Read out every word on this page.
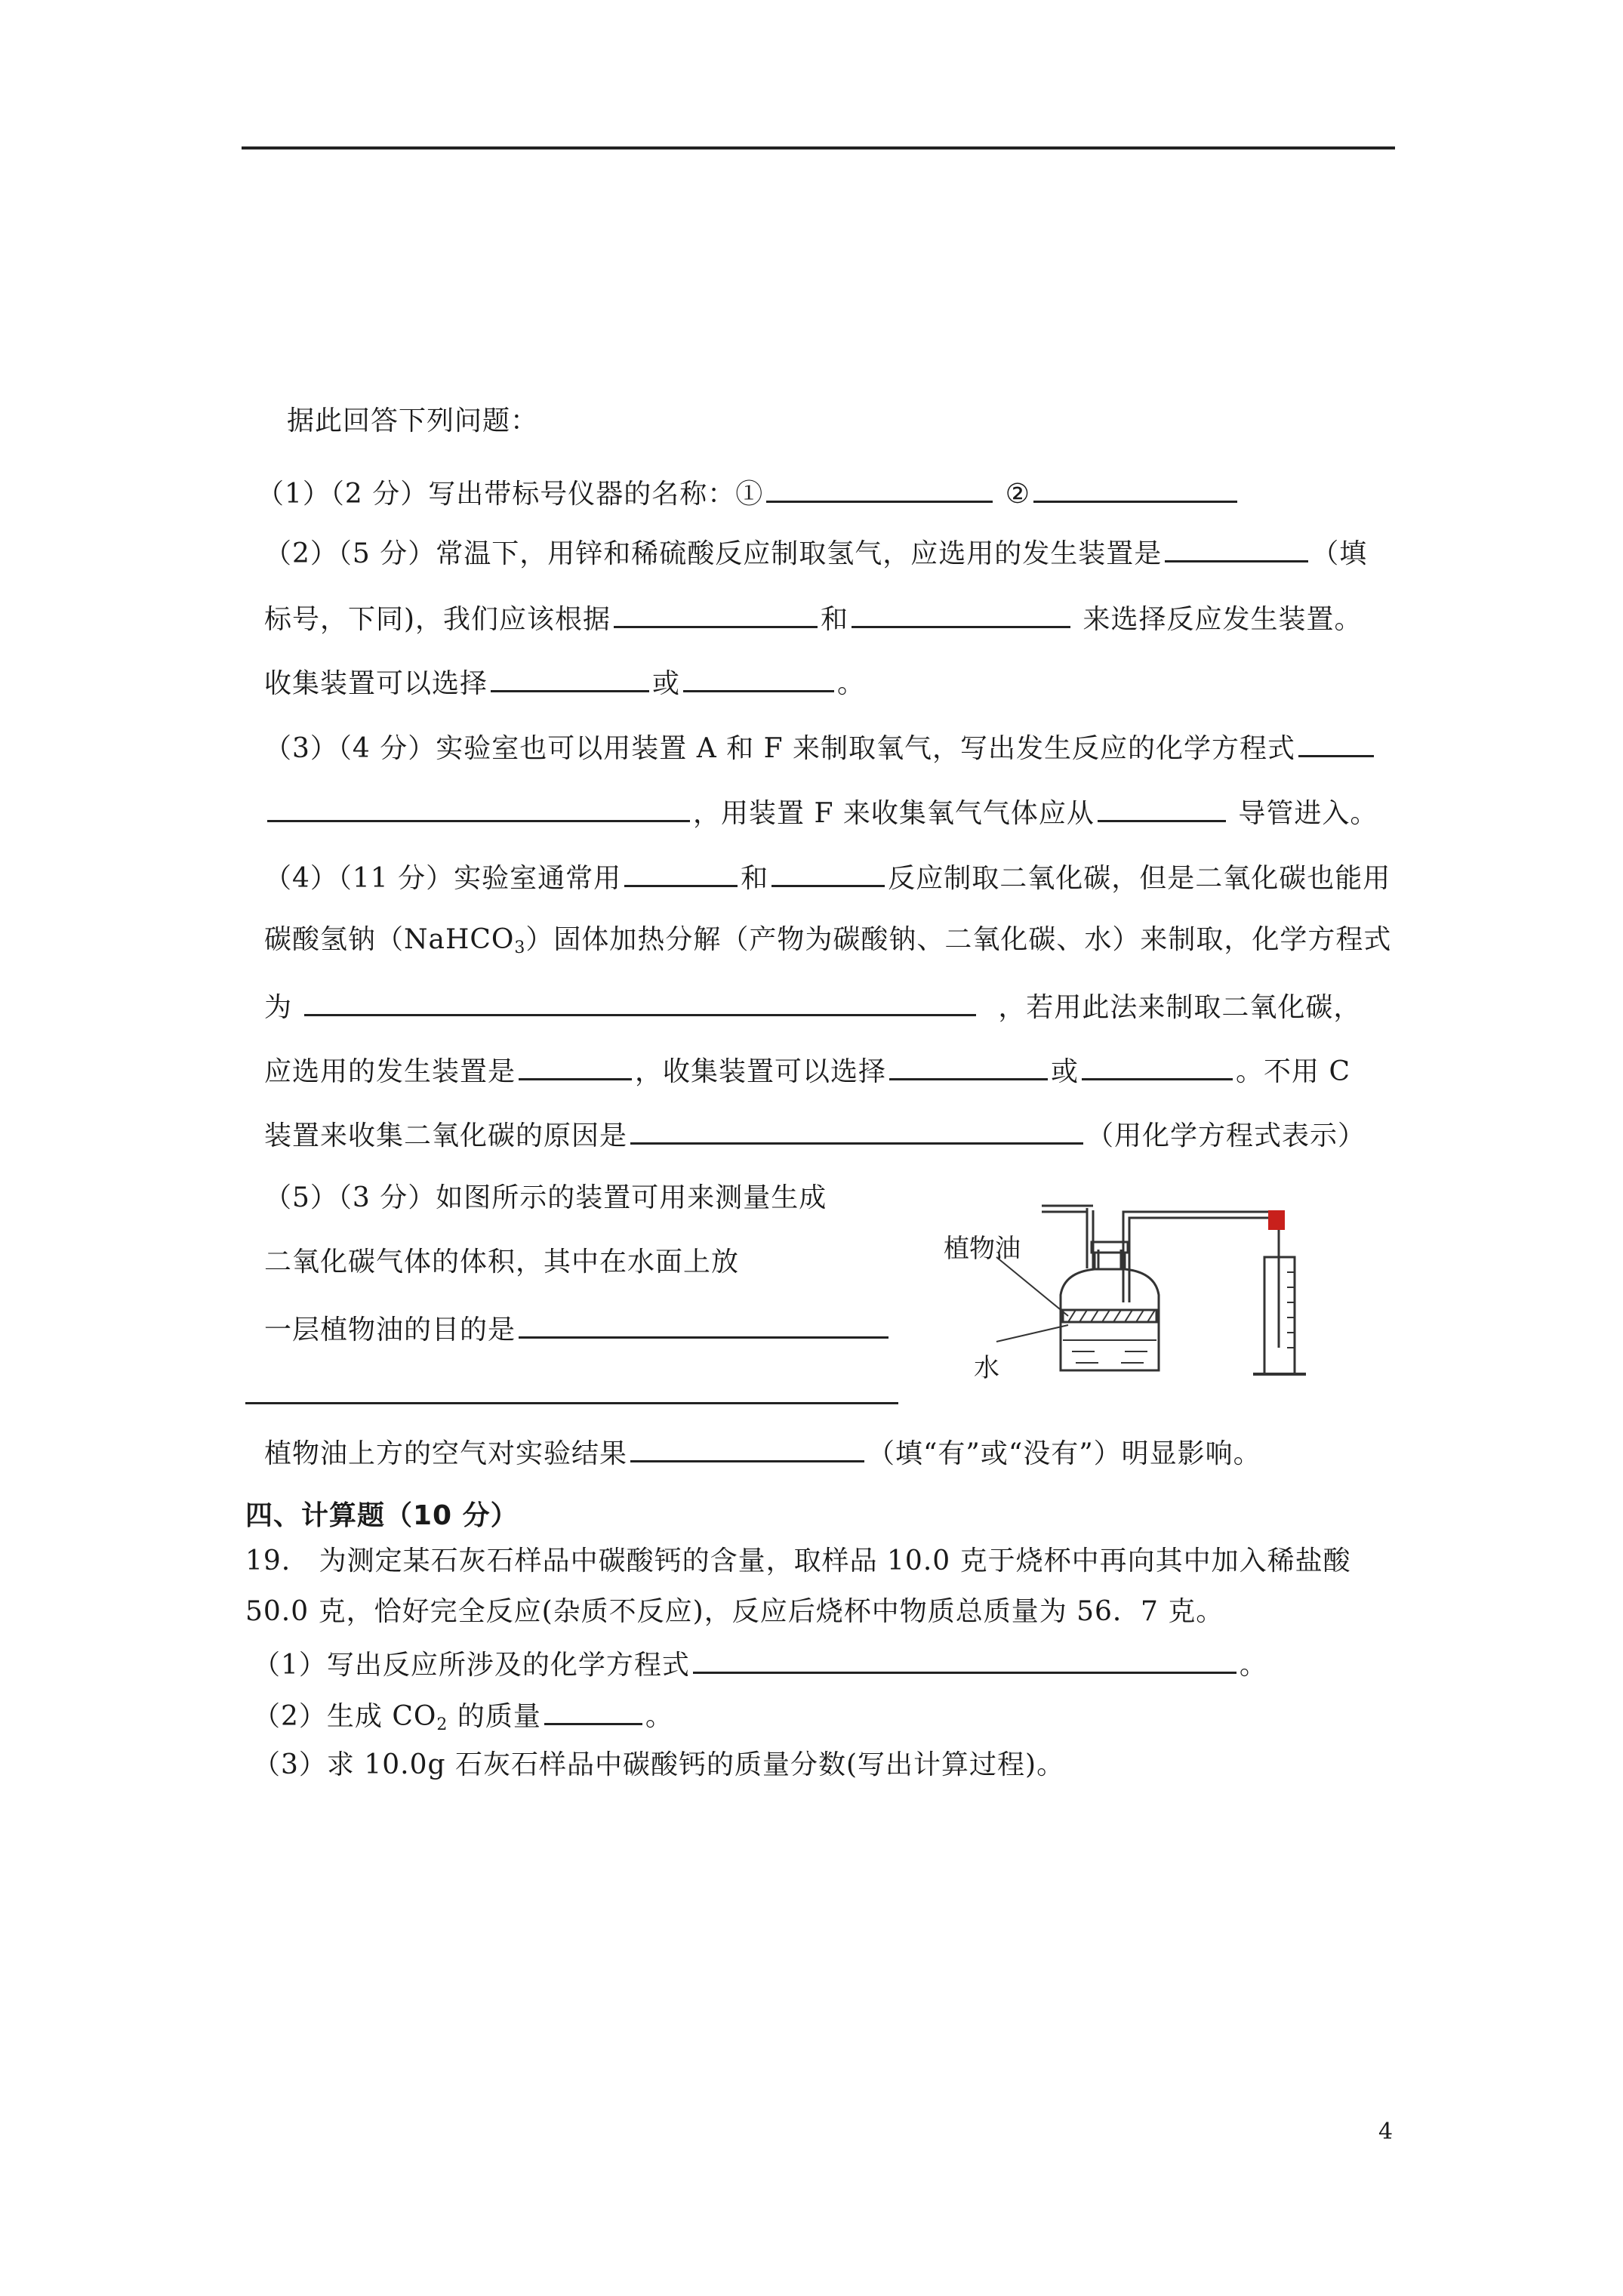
据此回答下列问题：
（1）（2 分）写出带标号仪器的名称：①	②
（2）（5 分）常温下，用锌和稀硫酸反应制取氢气，应选用的发生装置是	（填
标号，下同)，我们应该根据	和	来选择反应发生装置。
收集装置可以选择	或	。
（3）（4 分）实验室也可以用装置 A 和 F 来制取氧气，写出发生反应的化学方程式
，用装置 F 来收集氧气气体应从	导管进入。
（4）（11 分）实验室通常用	和	反应制取二氧化碳，但是二氧化碳也能用
碳酸氢钠（NaHCO$_3$）固体加热分解（产物为碳酸钠、二氧化碳、水）来制取，化学方程式
为	，若用此法来制取二氧化碳，
应选用的发生装置是	，收集装置可以选择	或	。不用 C
装置来收集二氧化碳的原因是	（用化学方程式表示）
（5）（3 分）如图所示的装置可用来测量生成
二氧化碳气体的体积，其中在水面上放
一层植物油的目的是
植物油
水
植物油上方的空气对实验结果	（填“有”或“没有”）明显影响。
四、计算题（10 分）
19.   为测定某石灰石样品中碳酸钙的含量，取样品 10.0 克于烧杯中再向其中加入稀盐酸
50.0 克，恰好完全反应(杂质不反应)，反应后烧杯中物质总质量为 56．7 克。
（1）写出反应所涉及的化学方程式	。
（2）生成 $CO_2$ 的质量	。
（3）求 10.0g 石灰石样品中碳酸钙的质量分数(写出计算过程)。
4
